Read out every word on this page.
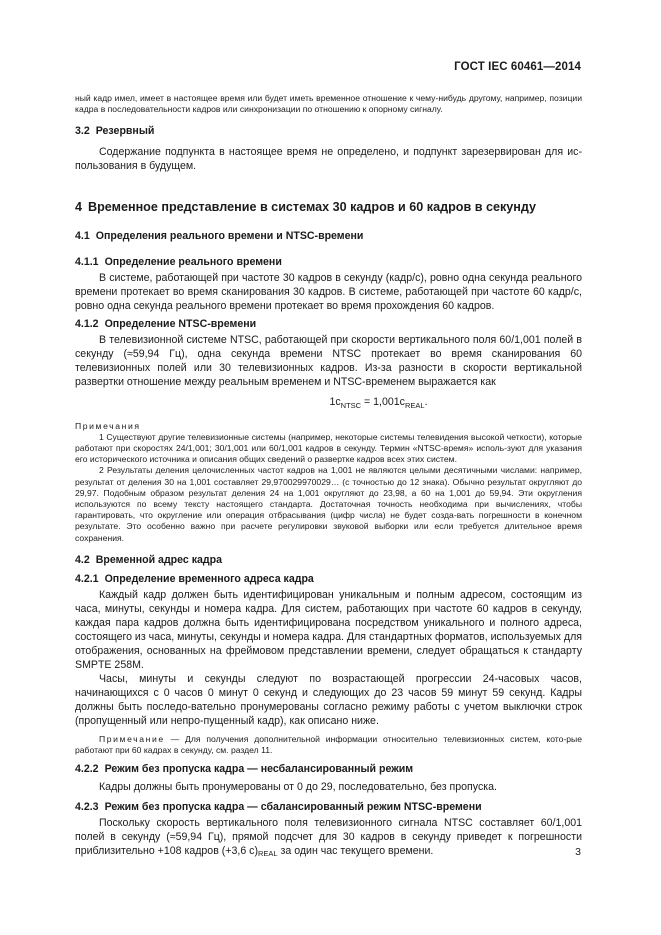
ГОСТ IEC 60461—2014

ный кадр имел, имеет в настоящее время или будет иметь временное отношение к чему-нибудь другому, например, позиции кадра в последовательности кадров или синхронизации по отношению к опорному сигналу.

3.2 Резервный

Содержание подпункта в настоящее время не определено, и подпункт зарезервирован для ис-пользования в будущем.

4 Временное представление в системах 30 кадров и 60 кадров в секунду
4.1 Определения реального времени и NTSC-времени
4.1.1 Определение реального времени

В системе, работающей при частоте 30 кадров в секунду (кадр/с), ровно одна секунда реального времени протекает во время сканирования 30 кадров. В системе, работающей при частоте 60 кадр/с, ровно одна секунда реального времени протекает во время прохождения 60 кадров.

4.1.2 Определение NTSC-времени

В телевизионной системе NTSC, работающей при скорости вертикального поля 60/1,001 полей в секунду (≈59,94 Гц), одна секунда времени NTSC протекает во время сканирования 60 телевизионных полей или 30 телевизионных кадров. Из-за разности в скорости вертикальной развертки отношение между реальным временем и NTSC-временем выражается как

$1c_{NTSC} = 1,001c_{REAL}$.

Примечания

1 Существуют другие телевизионные системы (например, некоторые системы телевидения высокой четкости), которые работают при скоростях 24/1,001; 30/1,001 или 60/1,001 кадров в секунду. Термин «NTSC-время» исполь-зуют для указания его исторического источника и описания общих сведений о развертке кадров всех этих систем.

2 Результаты деления целочисленных частот кадров на 1,001 не являются целыми десятичными числами: например, результат от деления 30 на 1,001 составляет 29,970029970029… (с точностью до 12 знака). Обычно результат округляют до 29,97. Подобным образом результат деления 24 на 1,001 округляют до 23,98, а 60 на 1,001 до 59,94. Эти округления используются по всему тексту настоящего стандарта. Достаточная точность необходима при вычислениях, чтобы гарантировать, что округление или операция отбрасывания (цифр числа) не будет созда-вать погрешности в конечном результате. Это особенно важно при расчете регулировки звуковой выборки или если требуется длительное время сохранения.

4.2 Временной адрес кадра
4.2.1 Определение временного адреса кадра

Каждый кадр должен быть идентифицирован уникальным и полным адресом, состоящим из часа, минуты, секунды и номера кадра. Для систем, работающих при частоте 60 кадров в секунду, каждая пара кадров должна быть идентифицирована посредством уникального и полного адреса, состоящего из часа, минуты, секунды и номера кадра. Для стандартных форматов, используемых для отображения, основанных на фреймовом представлении времени, следует обращаться к стандарту SMPTE 258M.

Часы, минуты и секунды следуют по возрастающей прогрессии 24-часовых часов, начинающихся с 0 часов 0 минут 0 секунд и следующих до 23 часов 59 минут 59 секунд. Кадры должны быть последо-вательно пронумерованы согласно режиму работы с учетом выключки строк (пропущенный или непро-пущенный кадр), как описано ниже.

Примечание — Для получения дополнительной информации относительно телевизионных систем, кото-рые работают при 60 кадрах в секунду, см. раздел 11.

4.2.2 Режим без пропуска кадра — несбалансированный режим

Кадры должны быть пронумерованы от 0 до 29, последовательно, без пропуска.

4.2.3 Режим без пропуска кадра — сбалансированный режим NTSC-времени

Поскольку скорость вертикального поля телевизионного сигнала NTSC составляет 60/1,001 полей в секунду (≈59,94 Гц), прямой подсчет для 30 кадров в секунду приведет к погрешности приблизительно +108 кадров (+3,6 с)REAL за один час текущего времени.	3
